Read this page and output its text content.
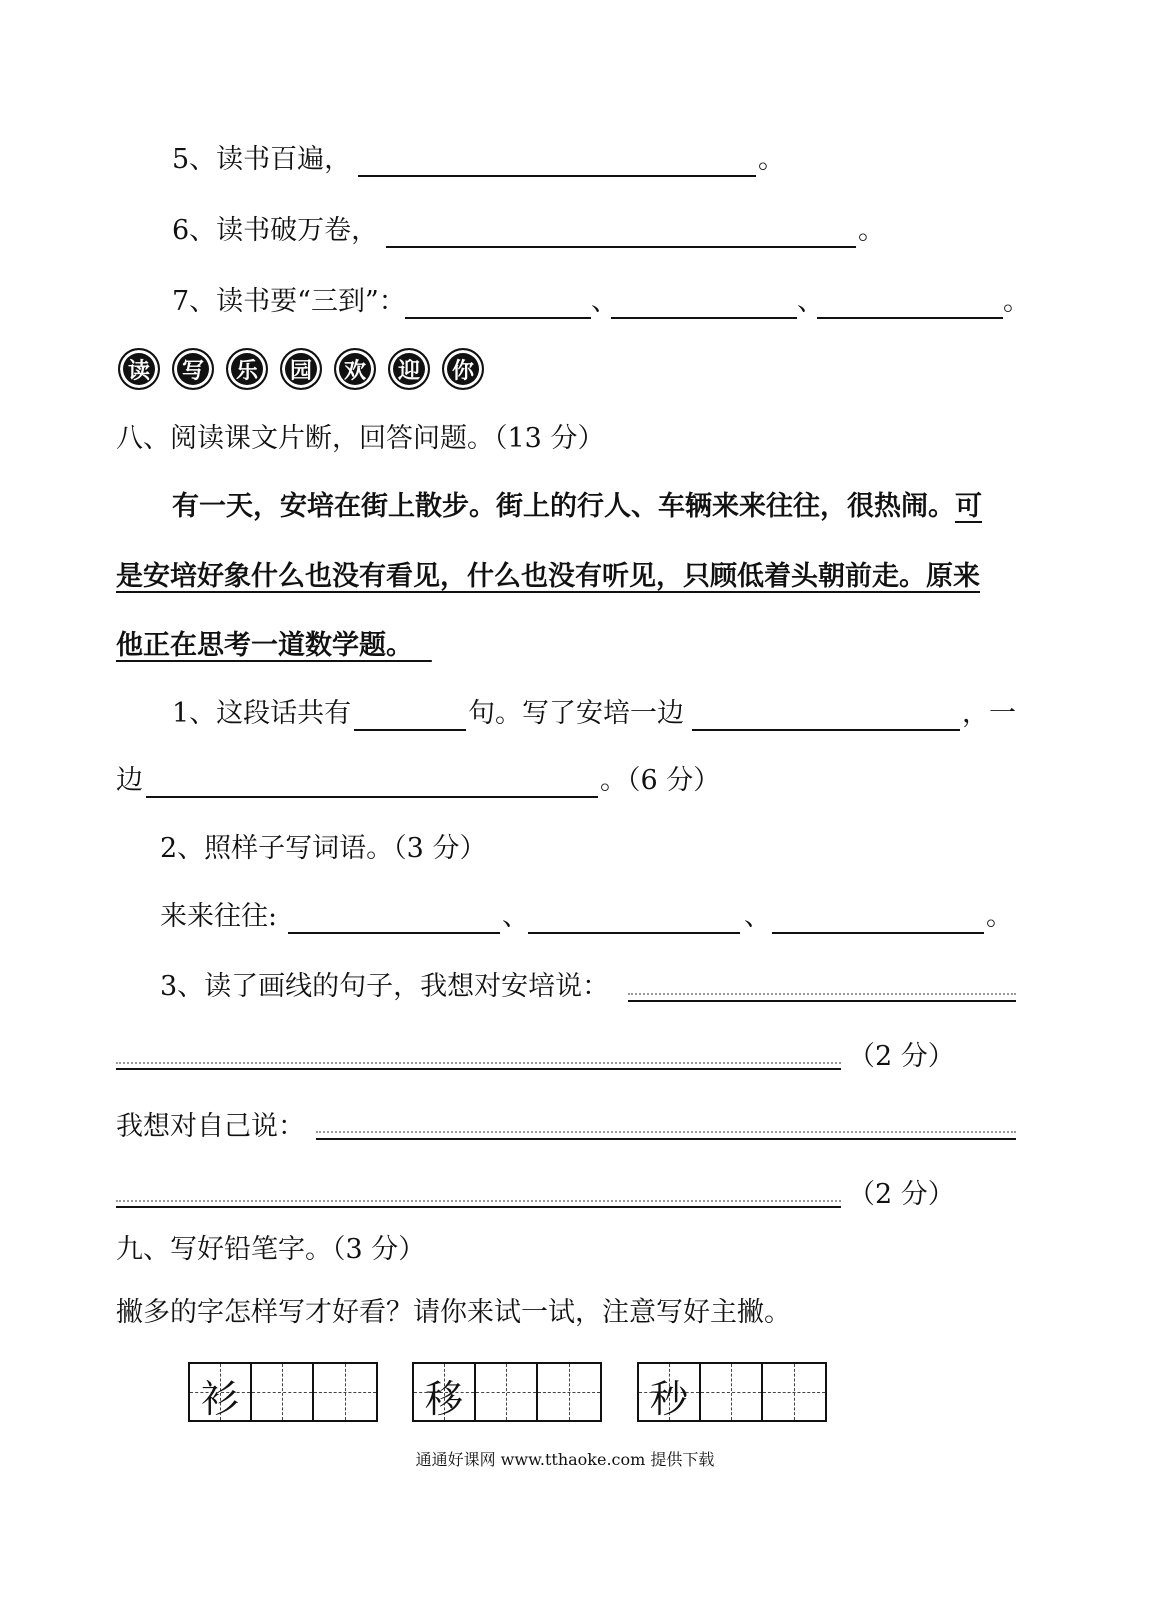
5、读书百遍，	。
6、读书破万卷，	。
7、读书要“三到”：	、	、	。
读	写	乐	园	欢	迎	你
八、阅读课文片断，回答问题。（13 分）
有一天，安培在街上散步。街上的行人、车辆来来往往，很热闹。可
是安培好象什么也没有看见，什么也没有听见，只顾低着头朝前走。原来
他正在思考一道数学题。
1、这段话共有	句。写了安培一边	，一
边	。（6 分）
2、照样子写词语。（3 分）
来来往往:	、	、	。
3、读了画线的句子，我想对安培说：
（2 分）
我想对自己说：
（2 分）
九、写好铅笔字。（3 分）
撇多的字怎样写才好看？请你来试一试，注意写好主撇。
衫	移	秒
通通好课网 www.tthaoke.com 提供下载
